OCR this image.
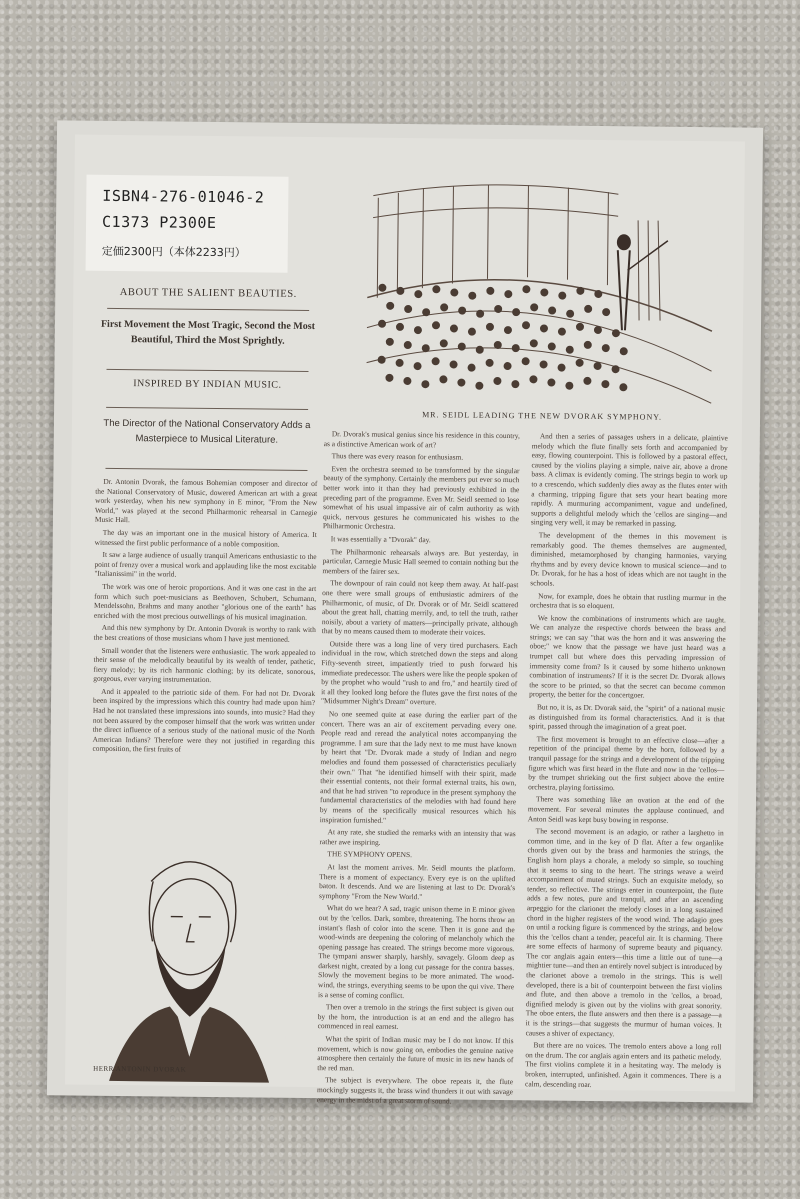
ISBN4-276-01046-2
C1373 P2300E
定価2300円（本体2233円）
ABOUT THE SALIENT BEAUTIES.
First Movement the Most Tragic, Second the Most Beautiful, Third the Most Sprightly.
INSPIRED BY INDIAN MUSIC.
The Director of the National Conservatory Adds a Masterpiece to Musical Literature.

Dr. Antonin Dvorak, the famous Bohemian composer and director of the National Conservatory of Music, dowered American art with a great work yesterday, when his new symphony in E minor, "From the New World," was played at the second Philharmonic rehearsal in Carnegie Music Hall.

The day was an important one in the musical history of America. It witnessed the first public performance of a noble composition.

It saw a large audience of usually tranquil Americans enthusiastic to the point of frenzy over a musical work and applauding like the most excitable "Italianissimi" in the world.

The work was one of heroic proportions. And it was one cast in the art form which such poet-musicians as Beethoven, Schubert, Schumann, Mendelssohn, Brahms and many another "glorious one of the earth" has enriched with the most precious outwellings of his musical imagination.

And this new symphony by Dr. Antonin Dvorak is worthy to rank with the best creations of those musicians whom I have just mentioned.

Small wonder that the listeners were enthusiastic. The work appealed to their sense of the melodically beautiful by its wealth of tender, pathetic, fiery melody; by its rich harmonic clothing; by its delicate, sonorous, gorgeous, ever varying instrumentation.

And it appealed to the patriotic side of them. For had not Dr. Dvorak been inspired by the impressions which this country had made upon him? Had he not translated these impressions into sounds, into music? Had they not been assured by the composer himself that the work was written under the direct influence of a serious study of the national music of the North American Indians? Therefore were they not justified in regarding this composition, the first fruits of

MR. SEIDL LEADING THE NEW DVORAK SYMPHONY.

Dr. Dvorak's musical genius since his residence in this country, as a distinctive American work of art?

Thus there was every reason for enthusiasm.

Even the orchestra seemed to be transformed by the singular beauty of the symphony. Certainly the members put ever so much better work into it than they had previously exhibited in the preceding part of the programme. Even Mr. Seidl seemed to lose somewhat of his usual impassive air of calm authority as with quick, nervous gestures he communicated his wishes to the Philharmonic Orchestra.

It was essentially a "Dvorak" day.

The Philharmonic rehearsals always are. But yesterday, in particular, Carnegie Music Hall seemed to contain nothing but the members of the fairer sex.

The downpour of rain could not keep them away. At half-past one there were small groups of enthusiastic admirers of the Philharmonic, of music, of Dr. Dvorak or of Mr. Seidl scattered about the great hall, chatting merrily, and, to tell the truth, rather noisily, about a variety of matters—principally private, although that by no means caused them to moderate their voices.

Outside there was a long line of very tired purchasers. Each individual in the row, which stretched down the steps and along Fifty-seventh street, impatiently tried to push forward his immediate predecessor. The ushers were like the people spoken of by the prophet who would "rush to and fro," and heartily tired of it all they looked long before the flutes gave the first notes of the "Midsummer Night's Dream" overture.

No one seemed quite at ease during the earlier part of the concert. There was an air of excitement pervading every one. People read and reread the analytical notes accompanying the programme. I am sure that the lady next to me must have known by heart that "Dr. Dvorak made a study of Indian and negro melodies and found them possessed of characteristics peculiarly their own." That "he identified himself with their spirit, made their essential contents, not their formal external traits, his own, and that he had striven "to reproduce in the present symphony the fundamental characteristics of the melodies with had found here by means of the specifically musical resources which his inspiration furnished."

At any rate, she studied the remarks with an intensity that was rather awe inspiring.

THE SYMPHONY OPENS.

At last the moment arrives. Mr. Seidl mounts the platform. There is a moment of expectancy. Every eye is on the uplifted baton. It descends. And we are listening at last to Dr. Dvorak's symphony "From the New World."

What do we hear? A sad, tragic unison theme in E minor given out by the 'cellos. Dark, sombre, threatening. The horns throw an instant's flash of color into the scene. Then it is gone and the wood-winds are deepening the coloring of melancholy which the opening passage has created. The strings become more vigorous. The tympani answer sharply, harshly, savagely. Gloom deep as darkest night, created by a long cut passage for the contra basses. Slowly the movement begins to be more animated. The wood-wind, the strings, everything seems to be upon the qui vive. There is a sense of coming conflict.

Then over a tremolo in the strings the first subject is given out by the horn, the introduction is at an end and the allegro has commenced in real earnest.

What the spirit of Indian music may be I do not know. If this movement, which is now going on, embodies the genuine native atmosphere then certainly the future of music in its new hands of the red man.

The subject is everywhere. The oboe repeats it, the flute mockingly suggests it, the brass wind thunders it out with savage energy in the midst of a great storm of sound.

And then a series of passages ushers in a delicate, plaintive melody which the flute finally sets forth and accompanied by easy, flowing counterpoint. This is followed by a pastoral effect, caused by the violins playing a simple, naive air, above a drone bass. A climax is evidently coming. The strings begin to work up to a crescendo, which suddenly dies away as the flutes enter with a charming, tripping figure that sets your heart beating more rapidly. A murmuring accompaniment, vague and undefined, supports a delightful melody which the 'cellos are singing—and singing very well, it may be remarked in passing.

The development of the themes in this movement is remarkably good. The themes themselves are augmented, diminished, metamorphosed by changing harmonies, varying rhythms and by every device known to musical science—and to Dr. Dvorak, for he has a host of ideas which are not taught in the schools.

Now, for example, does he obtain that rustling murmur in the orchestra that is so eloquent.

We know the combinations of instruments which are taught. We can analyze the respective chords between the brass and strings; we can say "that was the horn and it was answering the oboe;" we know that the passage we have just heard was a trumpet call but where does this pervading impression of immensity come from? Is it caused by some hitherto unknown combination of instruments? If it is the secret Dr. Dvorak allows the score to be printed, so that the secret can become common property, the better for the concertgoer.

But no, it is, as Dr. Dvorak said, the "spirit" of a national music as distinguished from its formal characteristics. And it is that spirit, passed through the imagination of a great poet.

The first movement is brought to an effective close—after a repetition of the principal theme by the horn, followed by a tranquil passage for the strings and a development of the tripping figure which was first heard in the flute and now in the 'cellos—by the trumpet shrieking out the first subject above the entire orchestra, playing fortissimo.

There was something like an ovation at the end of the movement. For several minutes the applause continued, and Anton Seidl was kept busy bowing in response.

The second movement is an adagio, or rather a larghetto in common time, and in the key of D flat. After a few organlike chords given out by the brass and harmonies the strings, the English horn plays a chorale, a melody so simple, so touching that it seems to sing to the heart. The strings weave a weird accompaniment of muted strings. Such an exquisite melody, so tender, so reflective. The strings enter in counterpoint, the flute adds a few notes, pure and tranquil, and after an ascending arpeggio for the clarionet the melody closes in a long sustained chord in the higher registers of the wood wind. The adagio goes on until a rocking figure is commenced by the strings, and below this the 'cellos chant a tender, peaceful air. It is charming. There are some effects of harmony of supreme beauty and piquancy. The cor anglais again enters—this time a little out of tune—a mightier tune—and then an entirely novel subject is introduced by the clarionet above a tremolo in the strings. This is well developed, there is a bit of counterpoint between the first violins and flute, and then above a tremolo in the 'cellos, a broad, dignified melody is given out by the violins with great sonority. The oboe enters, the flute answers and then there is a passage—a it is the strings—that suggests the murmur of human voices. It causes a shiver of expectancy.

But there are no voices. The tremolo enters above a long roll on the drum. The cor anglais again enters and its pathetic melody. The first violins complete it in a hesitating way. The melody is broken, interrupted, unfinished. Again it commences. There is a calm, descending roar.

HERR ANTONIN DVORAK
